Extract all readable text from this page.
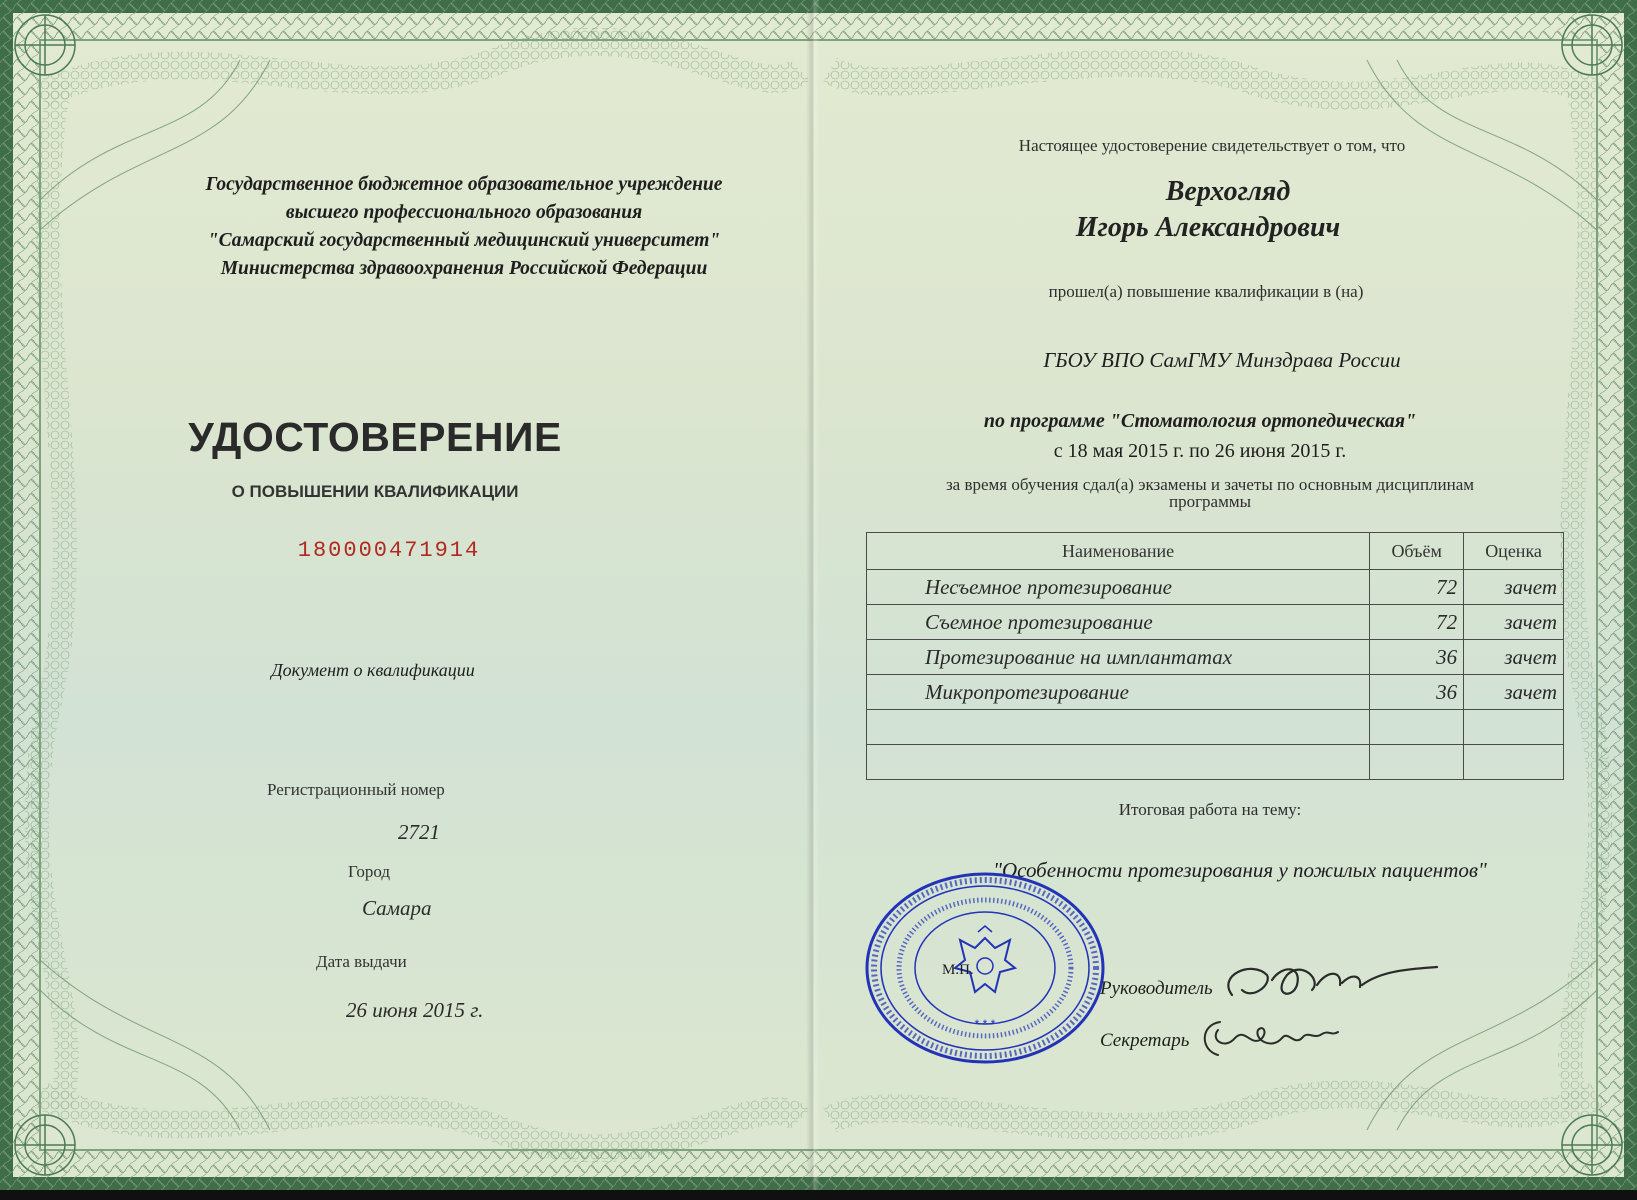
Государственное бюджетное образовательное учреждение
высшего профессионального образования
"Самарский государственный медицинский университет"
Министерства здравоохранения Российской Федерации
УДОСТОВЕРЕНИЕ
О ПОВЫШЕНИИ КВАЛИФИКАЦИИ
180000471914
Документ о квалификации
Регистрационный номер
2721
Город
Самара
Дата выдачи
26 июня 2015 г.
Настоящее удостоверение свидетельствует о том, что
Верхогляд
Игорь Александрович
прошел(а) повышение квалификации в (на)
ГБОУ ВПО СамГМУ Минздрава России
по программе "Стоматология ортопедическая"
с 18 мая 2015 г. по 26 июня 2015 г.
за время обучения сдал(а) экзамены и зачеты по основным дисциплинам
программы
Наименование	Объём	Оценка
Несъемное протезирование	72	зачет
Съемное протезирование	72	зачет
Протезирование на имплантатах	36	зачет
Микропротезирование	36	зачет

Итоговая работа на тему:
"Особенности протезирования у пожилых пациентов"
М.П.
* * *
Руководитель
Секретарь
